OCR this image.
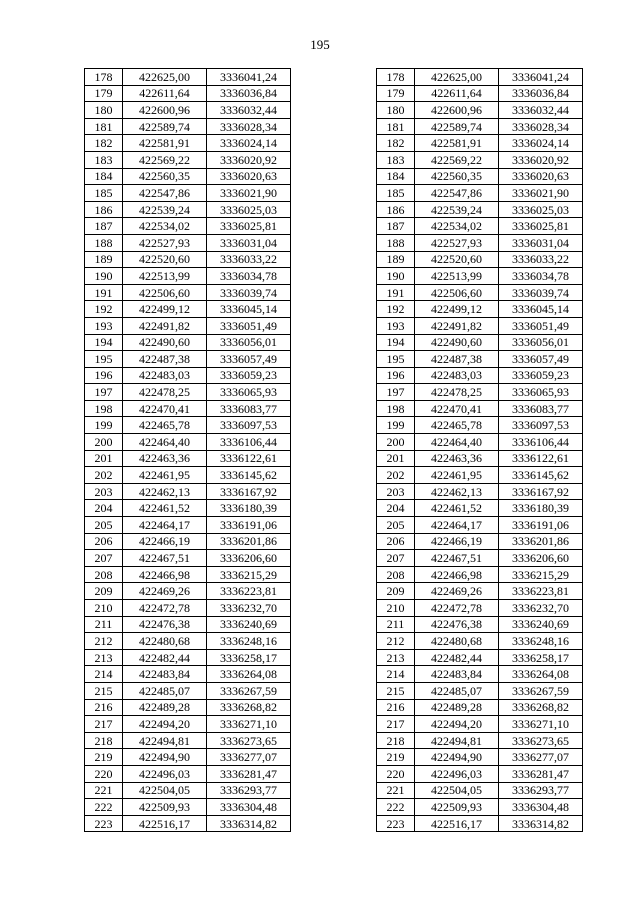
195
178	422625,00	3336041,24
179	422611,64	3336036,84
180	422600,96	3336032,44
181	422589,74	3336028,34
182	422581,91	3336024,14
183	422569,22	3336020,92
184	422560,35	3336020,63
185	422547,86	3336021,90
186	422539,24	3336025,03
187	422534,02	3336025,81
188	422527,93	3336031,04
189	422520,60	3336033,22
190	422513,99	3336034,78
191	422506,60	3336039,74
192	422499,12	3336045,14
193	422491,82	3336051,49
194	422490,60	3336056,01
195	422487,38	3336057,49
196	422483,03	3336059,23
197	422478,25	3336065,93
198	422470,41	3336083,77
199	422465,78	3336097,53
200	422464,40	3336106,44
201	422463,36	3336122,61
202	422461,95	3336145,62
203	422462,13	3336167,92
204	422461,52	3336180,39
205	422464,17	3336191,06
206	422466,19	3336201,86
207	422467,51	3336206,60
208	422466,98	3336215,29
209	422469,26	3336223,81
210	422472,78	3336232,70
211	422476,38	3336240,69
212	422480,68	3336248,16
213	422482,44	3336258,17
214	422483,84	3336264,08
215	422485,07	3336267,59
216	422489,28	3336268,82
217	422494,20	3336271,10
218	422494,81	3336273,65
219	422494,90	3336277,07
220	422496,03	3336281,47
221	422504,05	3336293,77
222	422509,93	3336304,48
223	422516,17	3336314,82
178	422625,00	3336041,24
179	422611,64	3336036,84
180	422600,96	3336032,44
181	422589,74	3336028,34
182	422581,91	3336024,14
183	422569,22	3336020,92
184	422560,35	3336020,63
185	422547,86	3336021,90
186	422539,24	3336025,03
187	422534,02	3336025,81
188	422527,93	3336031,04
189	422520,60	3336033,22
190	422513,99	3336034,78
191	422506,60	3336039,74
192	422499,12	3336045,14
193	422491,82	3336051,49
194	422490,60	3336056,01
195	422487,38	3336057,49
196	422483,03	3336059,23
197	422478,25	3336065,93
198	422470,41	3336083,77
199	422465,78	3336097,53
200	422464,40	3336106,44
201	422463,36	3336122,61
202	422461,95	3336145,62
203	422462,13	3336167,92
204	422461,52	3336180,39
205	422464,17	3336191,06
206	422466,19	3336201,86
207	422467,51	3336206,60
208	422466,98	3336215,29
209	422469,26	3336223,81
210	422472,78	3336232,70
211	422476,38	3336240,69
212	422480,68	3336248,16
213	422482,44	3336258,17
214	422483,84	3336264,08
215	422485,07	3336267,59
216	422489,28	3336268,82
217	422494,20	3336271,10
218	422494,81	3336273,65
219	422494,90	3336277,07
220	422496,03	3336281,47
221	422504,05	3336293,77
222	422509,93	3336304,48
223	422516,17	3336314,82
